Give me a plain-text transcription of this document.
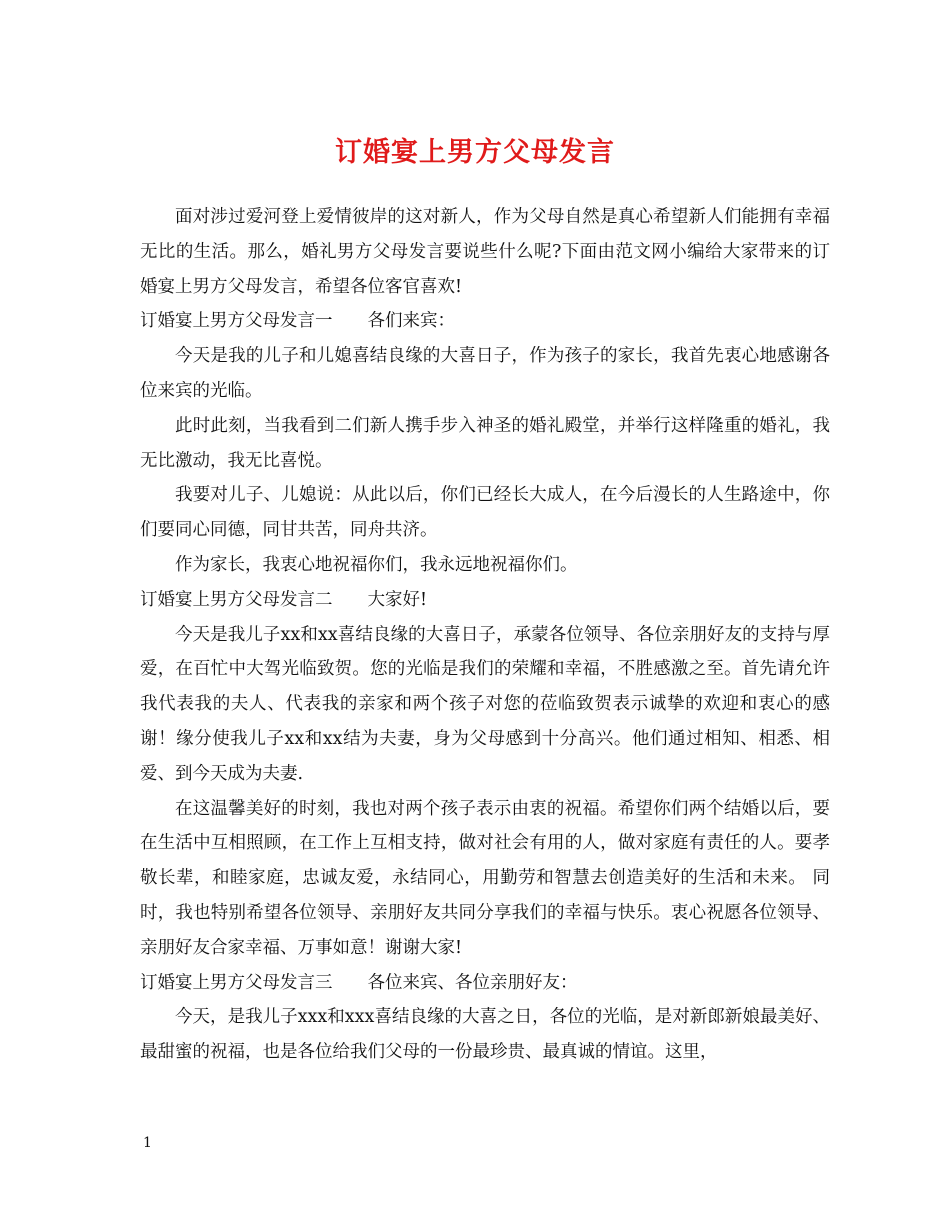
订婚宴上男方父母发言

面对涉过爱河登上爱情彼岸的这对新人，作为父母自然是真心希望新人们能拥有幸福无比的生活。那么，婚礼男方父母发言要说些什么呢?下面由范文网小编给大家带来的订婚宴上男方父母发言，希望各位客官喜欢!

订婚宴上男方父母发言一　　各们来宾：

今天是我的儿子和儿媳喜结良缘的大喜日子，作为孩子的家长，我首先衷心地感谢各位来宾的光临。

此时此刻，当我看到二们新人携手步入神圣的婚礼殿堂，并举行这样隆重的婚礼，我无比激动，我无比喜悦。

我要对儿子、儿媳说：从此以后，你们已经长大成人，在今后漫长的人生路途中，你们要同心同德，同甘共苦，同舟共济。

作为家长，我衷心地祝福你们，我永远地祝福你们。

订婚宴上男方父母发言二　　大家好!

今天是我儿子xx和xx喜结良缘的大喜日子，承蒙各位领导、各位亲朋好友的支持与厚爱，在百忙中大驾光临致贺。您的光临是我们的荣耀和幸福，不胜感激之至。首先请允许我代表我的夫人、代表我的亲家和两个孩子对您的莅临致贺表示诚挚的欢迎和衷心的感谢！缘分使我儿子xx和xx结为夫妻，身为父母感到十分高兴。他们通过相知、相悉、相爱、到今天成为夫妻.

在这温馨美好的时刻，我也对两个孩子表示由衷的祝福。希望你们两个结婚以后，要在生活中互相照顾，在工作上互相支持，做对社会有用的人，做对家庭有责任的人。要孝敬长辈，和睦家庭，忠诚友爱，永结同心，用勤劳和智慧去创造美好的生活和未来。 同时，我也特别希望各位领导、亲朋好友共同分享我们的幸福与快乐。衷心祝愿各位领导、亲朋好友合家幸福、万事如意！谢谢大家!

订婚宴上男方父母发言三　　各位来宾、各位亲朋好友：

今天，是我儿子xxx和xxx喜结良缘的大喜之日，各位的光临，是对新郎新娘最美好、最甜蜜的祝福，也是各位给我们父母的一份最珍贵、最真诚的情谊。这里，

1
